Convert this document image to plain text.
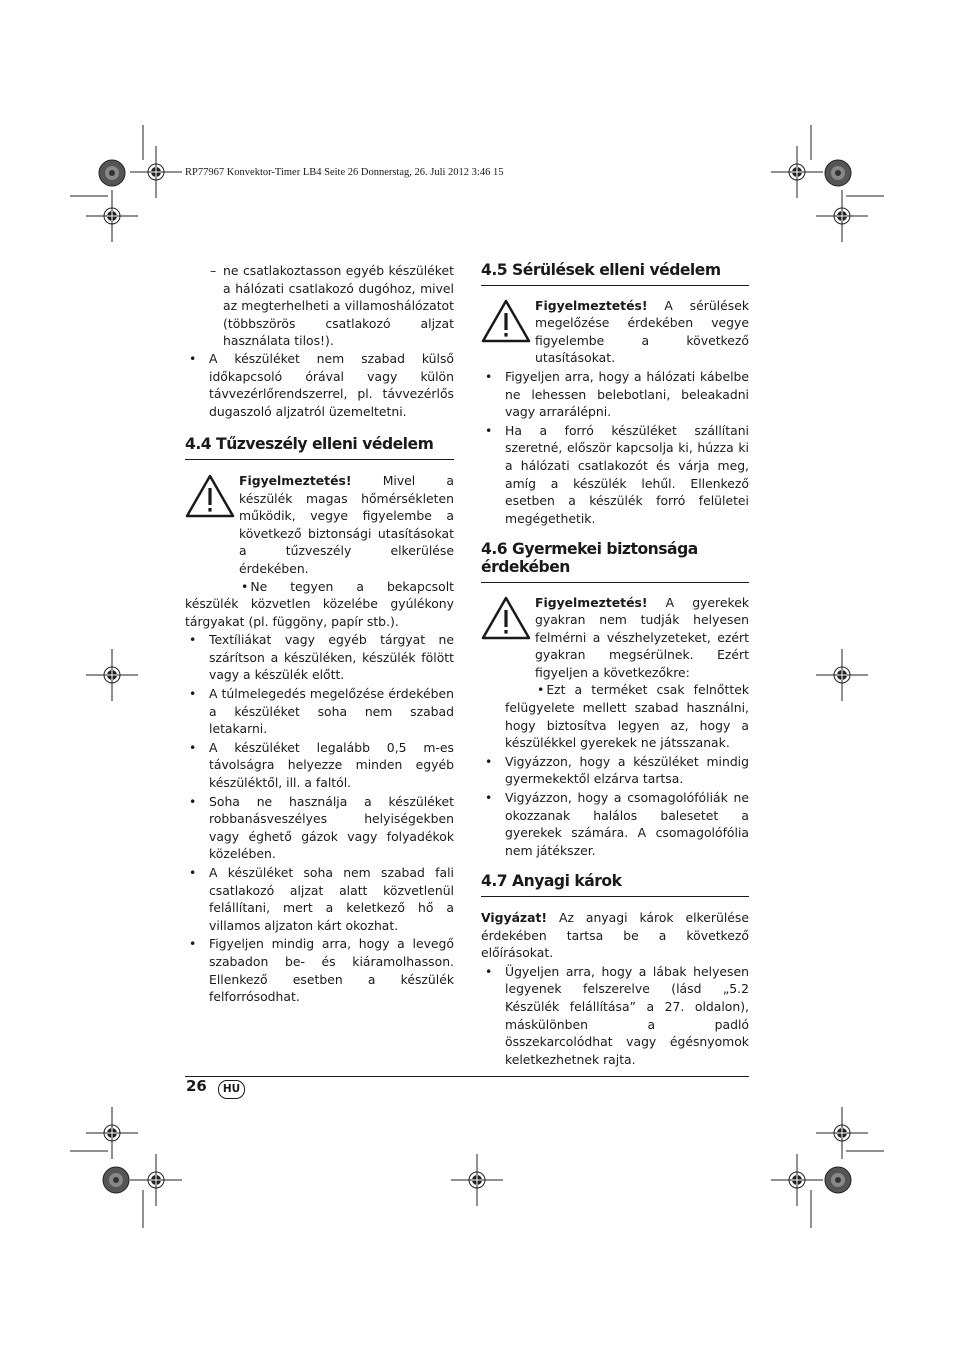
RP77967 Konvektor-Timer LB4 Seite 26 Donnerstag, 26. Juli 2012 3:46 15
– ne csatlakoztasson egyéb készüléket a hálózati csatlakozó dugóhoz, mivel az megterhelheti a villamoshálózatot (többszörös csatlakozó aljzat használata tilos!).
• A készüléket nem szabad külső időkapcsoló órával vagy külön távvezérlőrendszerrel, pl. távvezérlős dugaszoló aljzatról üzemeltetni.
4.4 Tűzveszély elleni védelem
Figyelmeztetés! Mivel a készülék magas hőmérsékleten működik, vegye figyelembe a következő biztonsági utasításokat a tűzveszély elkerülése érdekében.
• Ne tegyen a bekapcsolt készülék közvetlen közelébe gyúlékony tárgyakat (pl. függöny, papír stb.).
• Textíliákat vagy egyéb tárgyat ne szárítson a készüléken, készülék fölött vagy a készülék előtt.
• A túlmelegedés megelőzése érdekében a készüléket soha nem szabad letakarni.
• A készüléket legalább 0,5 m-es távolságra helyezze minden egyéb készüléktől, ill. a faltól.
• Soha ne használja a készüléket robbanásveszélyes helyiségekben vagy éghető gázok vagy folyadékok közelében.
• A készüléket soha nem szabad fali csatlakozó aljzat alatt közvetlenül felállítani, mert a keletkező hő a villamos aljzaton kárt okozhat.
• Figyeljen mindig arra, hogy a levegő szabadon be- és kiáramolhasson. Ellenkező esetben a készülék felforrósodhat.
4.5 Sérülések elleni védelem
Figyelmeztetés! A sérülések megelőzése érdekében vegye figyelembe a következő utasításokat.
• Figyeljen arra, hogy a hálózati kábelbe ne lehessen belebotlani, beleakadni vagy arrarálépni.
• Ha a forró készüléket szállítani szeretné, először kapcsolja ki, húzza ki a hálózati csatlakozót és várja meg, amíg a készülék lehűl. Ellenkező esetben a készülék forró felületei megégethetik.
4.6 Gyermekei biztonsága érdekében
Figyelmeztetés! A gyerekek gyakran nem tudják helyesen felmérni a vészhelyzeteket, ezért gyakran megsérülnek. Ezért figyeljen a következőkre:
• Ezt a terméket csak felnőttek felügyelete mellett szabad használni, hogy biztosítva legyen az, hogy a készülékkel gyerekek ne játsszanak.
• Vigyázzon, hogy a készüléket mindig gyermekektől elzárva tartsa.
• Vigyázzon, hogy a csomagolófóliák ne okozzanak halálos balesetet a gyerekek számára. A csomagolófólia nem játékszer.
4.7 Anyagi károk

Vigyázat! Az anyagi károk elkerülése érdekében tartsa be a következő előírásokat.

• Ügyeljen arra, hogy a lábak helyesen legyenek felszerelve (lásd „5.2 Készülék felállítása” a 27. oldalon), máskülönben a padló összekarcolódhat vagy égésnyomok keletkezhetnek rajta.
26	HU
